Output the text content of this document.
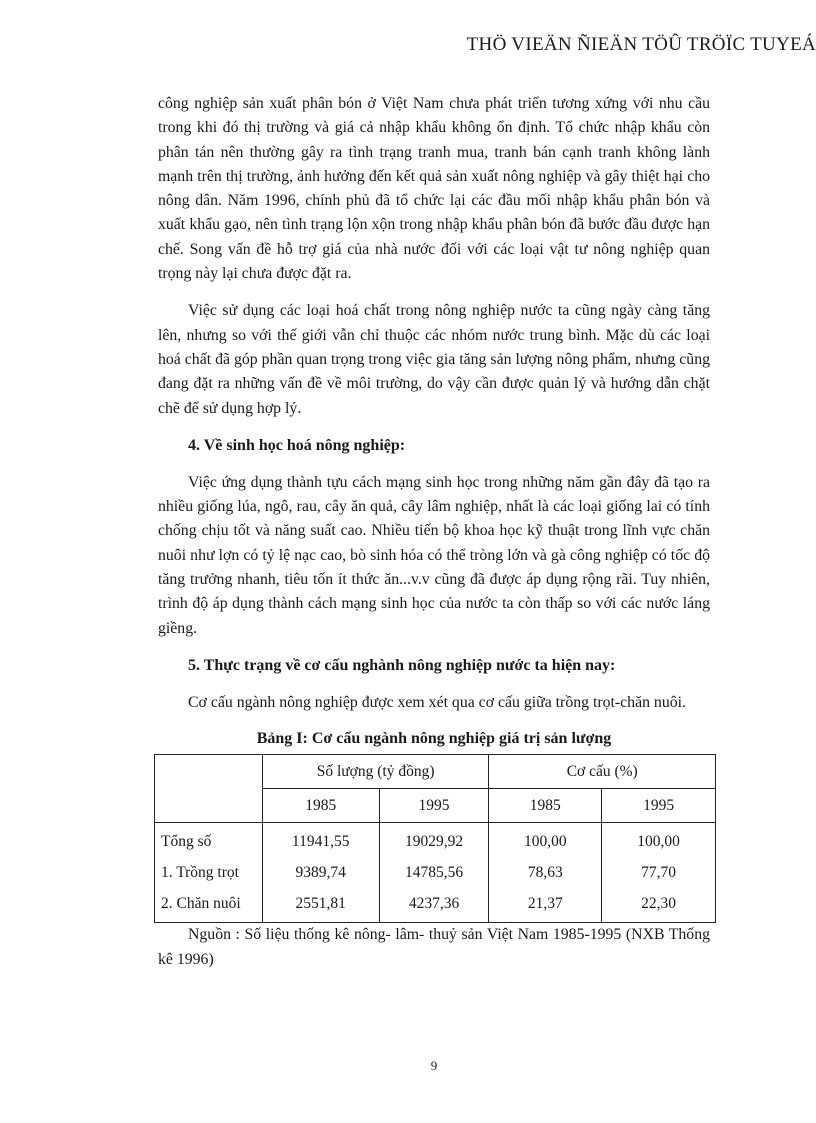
THÖ VIEÄN ÑIEÄN TÖÛ TRÖÏC TUYEÁ

công nghiệp sản xuất phân bón ở Việt Nam chưa phát triển tương xứng với nhu cầu trong khi đó thị trường và giá cả nhập khẩu không ổn định. Tổ chức nhập khẩu còn phân tán nên thường gây ra tình trạng tranh mua, tranh bán cạnh tranh không lành mạnh trên thị trường, ảnh hưởng đến kết quả sản xuất nông nghiệp và gây thiệt hại cho nông dân. Năm 1996, chính phủ đã tổ chức lại các đầu mối nhập khẩu phân bón và xuất khẩu gạo, nên tình trạng lộn xộn trong nhập khẩu phân bón đã bước đầu được hạn chế. Song vấn đề hỗ trợ giá của nhà nước đối với các loại vật tư nông nghiệp quan trọng này lại chưa được đặt ra.

Việc sử dụng các loại hoá chất trong nông nghiệp nước ta cũng ngày càng tăng lên, nhưng so với thế giới vẫn chỉ thuộc các nhóm nước trung bình. Mặc dù các loại hoá chất đã góp phần quan trọng trong việc gia tăng sản lượng nông phẩm, nhưng cũng đang đặt ra những vấn đề về môi trường, do vậy cần được quản lý và hướng dẫn chặt chẽ để sử dụng hợp lý.

4. Về sinh học hoá nông nghiệp:

Việc ứng dụng thành tựu cách mạng sinh học trong những năm gần đây đã tạo ra nhiều giống lúa, ngô, rau, cây ăn quả, cây lâm nghiệp, nhất là các loại giống lai có tính chống chịu tốt và năng suất cao. Nhiều tiến bộ khoa học kỹ thuật trong lĩnh vực chăn nuôi như lợn có tỷ lệ nạc cao, bò sinh hóa có thể tròng lớn và gà công nghiệp có tốc độ tăng trưởng nhanh, tiêu tốn ít thức ăn...v.v cũng đã được áp dụng rộng rãi. Tuy nhiên, trình độ áp dụng thành cách mạng sinh học của nước ta còn thấp so với các nước láng giềng.

5. Thực trạng về cơ cấu nghành nông nghiệp nước ta hiện nay:

Cơ cấu ngành nông nghiệp được xem xét qua cơ cấu giữa trồng trọt-chăn nuôi.

Bảng I: Cơ cấu ngành nông nghiệp giá trị sản lượng
	Số lượng (tỷ đồng)		Cơ cấu (%)	
	1985	1995	1985	1995
Tổng số	11941,55	19029,92	100,00	100,00
1. Trồng trọt	9389,74	14785,56	78,63	77,70
2. Chăn nuôi	2551,81	4237,36	21,37	22,30

Nguồn : Số liệu thống kê nông- lâm- thuỷ sản Việt Nam 1985-1995 (NXB Thống kê 1996)

9
